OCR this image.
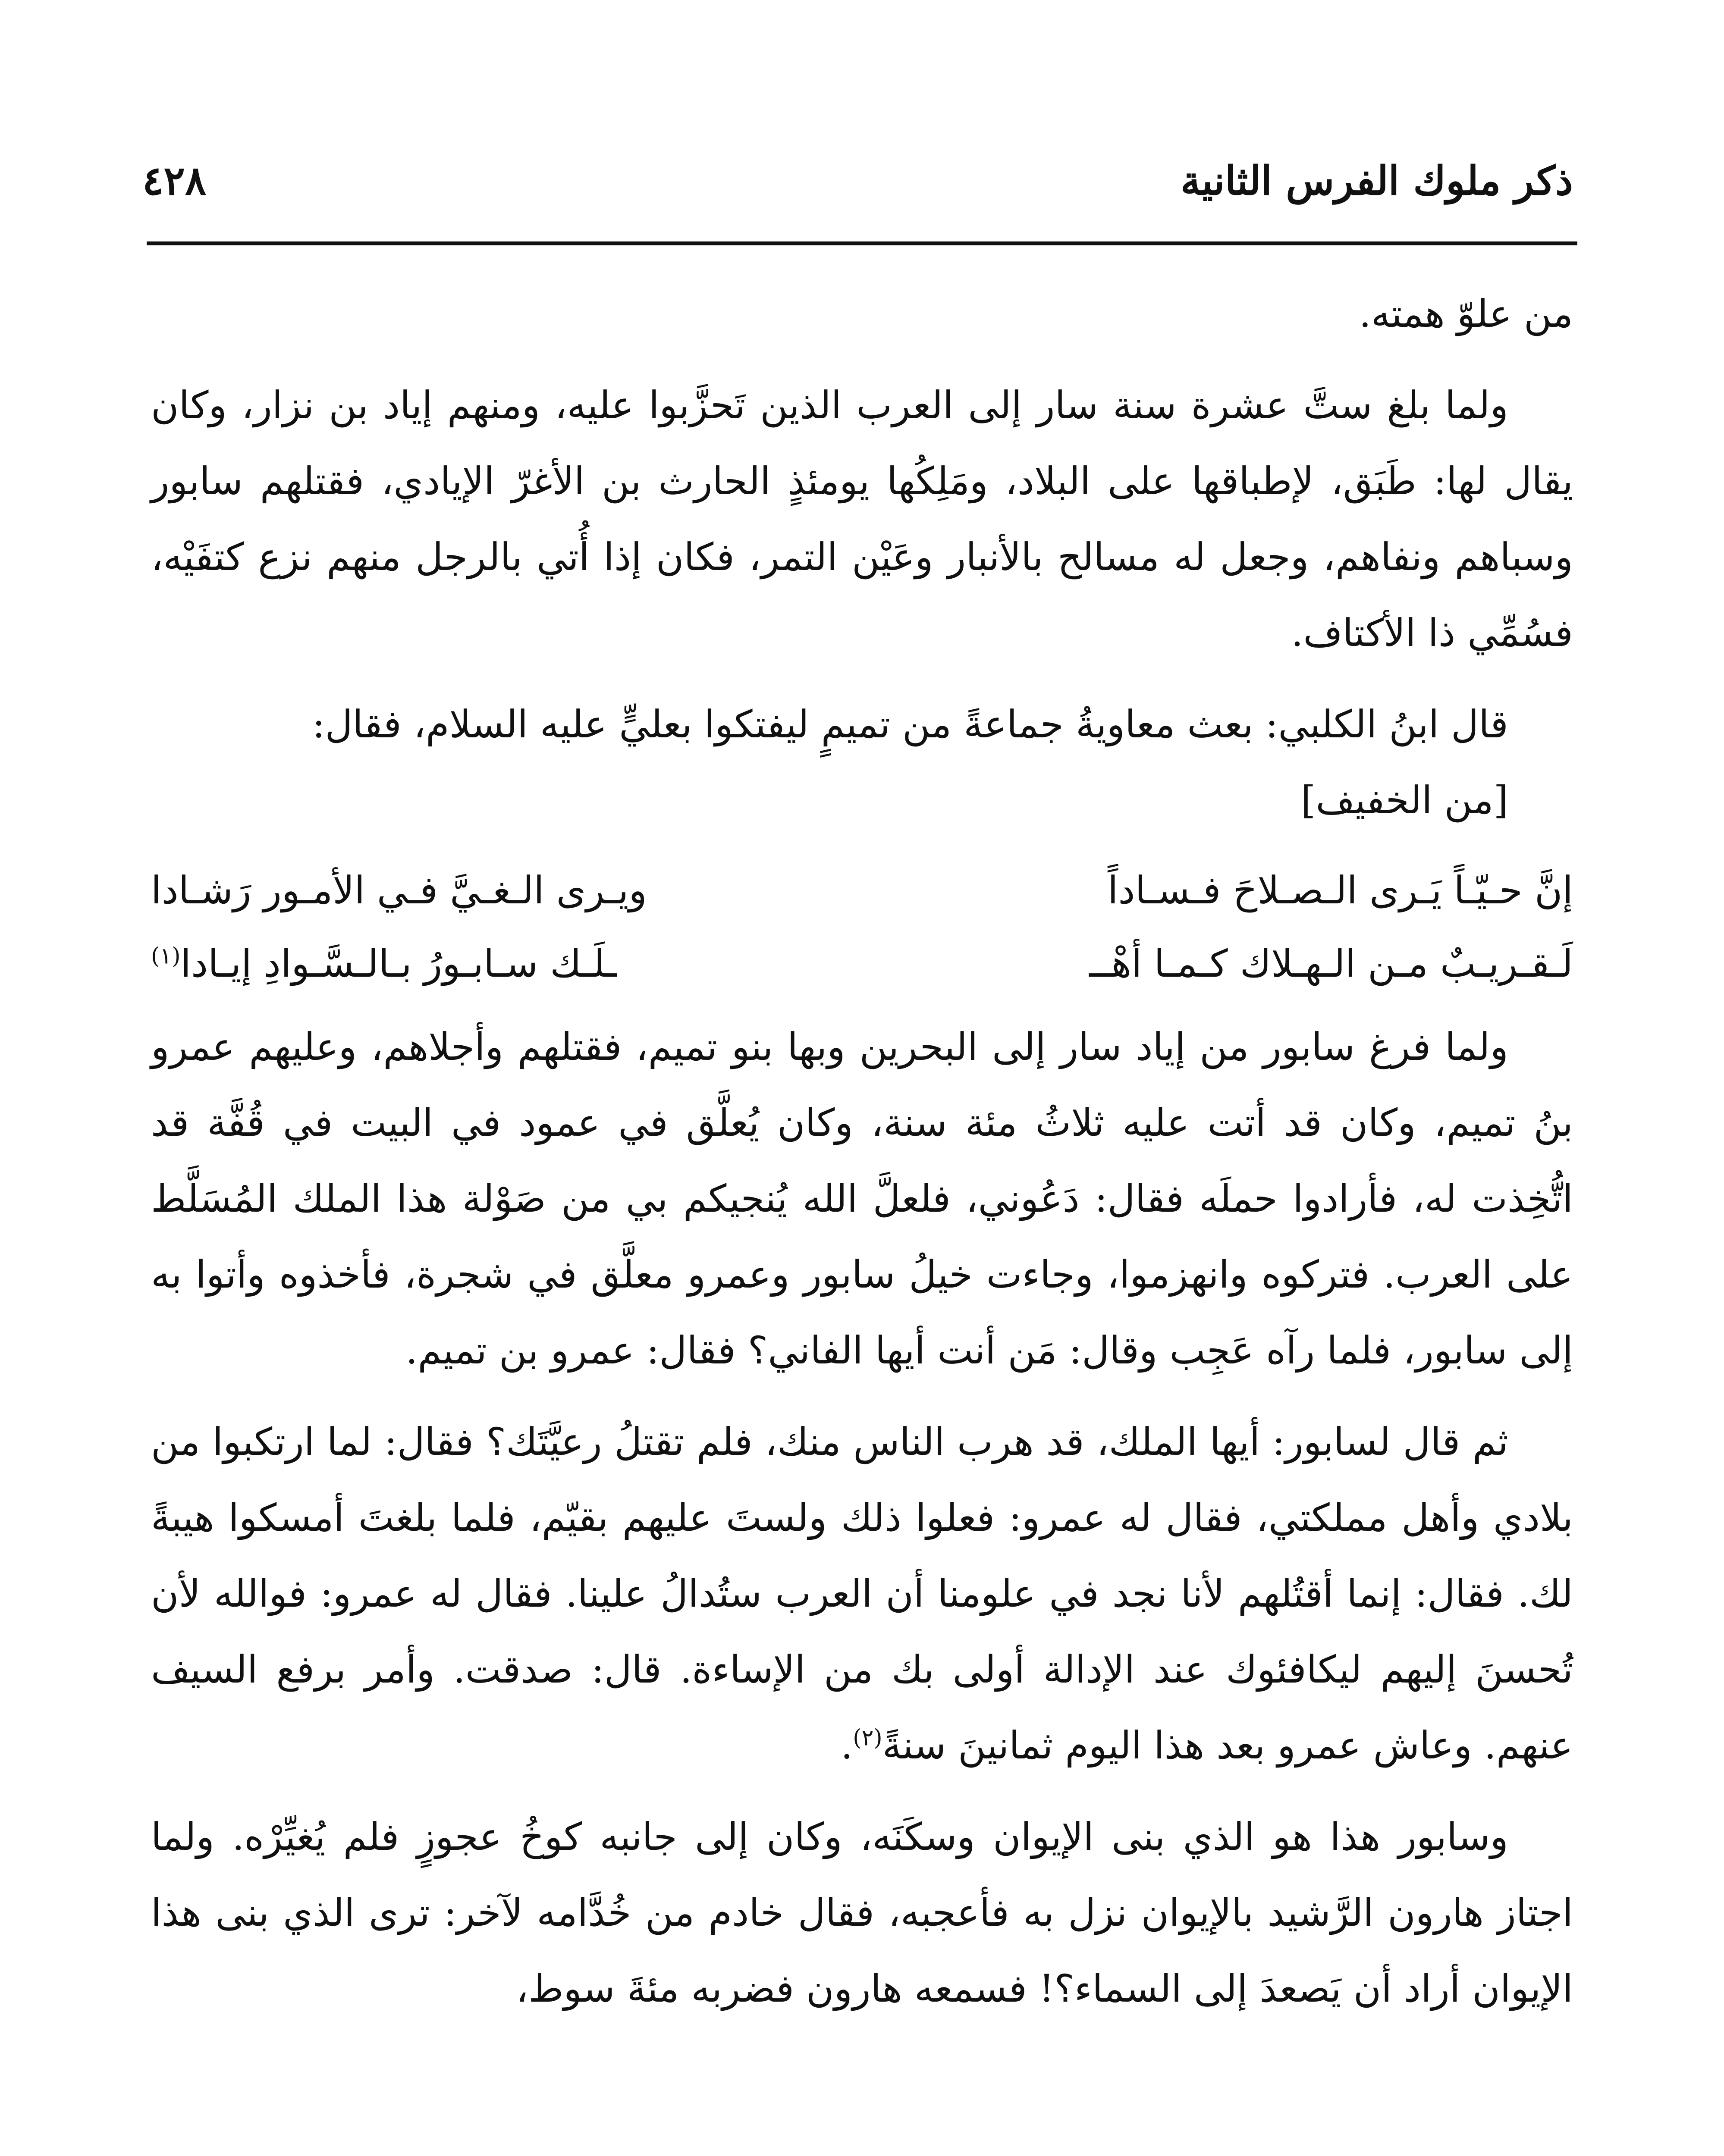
ذكر ملوك الفرس الثانية
٤٢٨

من علوّ همته.

ولما بلغ ستَّ عشرة سنة سار إلى العرب الذين تَحزَّبوا عليه، ومنهم إياد بن نزار، وكان يقال لها: طَبَق، لإطباقها على البلاد، ومَلِكُها يومئذٍ الحارث بن الأغرّ الإيادي، فقتلهم سابور وسباهم ونفاهم، وجعل له مسالح بالأنبار وعَيْن التمر، فكان إذا أُتي بالرجل منهم نزع كتفَيْه، فسُمِّي ذا الأكتاف.

قال ابنُ الكلبي: بعث معاويةُ جماعةً من تميمٍ ليفتكوا بعليٍّ عليه السلام، فقال:
[من الخفيف]

إنَّ حـيّـاً يَـرى الـصـلاحَ فـسـاداً
ويـرى الـغـيَّ فـي الأمـور رَشـادا
لَـقـريـبٌ مـن الـهـلاك كـمـا أهْــ
ـلَـك سـابـورُ بـالـسَّـوادِ إيـادا$^{(١)}$

ولما فرغ سابور من إياد سار إلى البحرين وبها بنو تميم، فقتلهم وأجلاهم، وعليهم عمرو بنُ تميم، وكان قد أتت عليه ثلاثُ مئة سنة، وكان يُعلَّق في عمود في البيت في قُفَّة قد اتُّخِذت له، فأرادوا حملَه فقال: دَعُوني، فلعلَّ الله يُنجيكم بي من صَوْلة هذا الملك المُسَلَّط على العرب. فتركوه وانهزموا، وجاءت خيلُ سابور وعمرو معلَّق في شجرة، فأخذوه وأتوا به إلى سابور، فلما رآه عَجِب وقال: مَن أنت أيها الفاني؟ فقال: عمرو بن تميم.

ثم قال لسابور: أيها الملك، قد هرب الناس منك، فلم تقتلُ رعيَّتَك؟ فقال: لما ارتكبوا من بلادي وأهل مملكتي، فقال له عمرو: فعلوا ذلك ولستَ عليهم بقيّم، فلما بلغتَ أمسكوا هيبةً لك. فقال: إنما أقتُلهم لأنا نجد في علومنا أن العرب ستُدالُ علينا. فقال له عمرو: فوالله لأن تُحسنَ إليهم ليكافئوك عند الإدالة أولى بك من الإساءة. قال: صدقت. وأمر برفع السيف عنهم. وعاش عمرو بعد هذا اليوم ثمانينَ سنةً$^{(٢)}$.

وسابور هذا هو الذي بنى الإيوان وسكَنَه، وكان إلى جانبه كوخُ عجوزٍ فلم يُغيِّرْه. ولما اجتاز هارون الرَّشيد بالإيوان نزل به فأعجبه، فقال خادم من خُدَّامه لآخر: ترى الذي بنى هذا الإيوان أراد أن يَصعدَ إلى السماء؟! فسمعه هارون فضربه مئةَ سوط،
